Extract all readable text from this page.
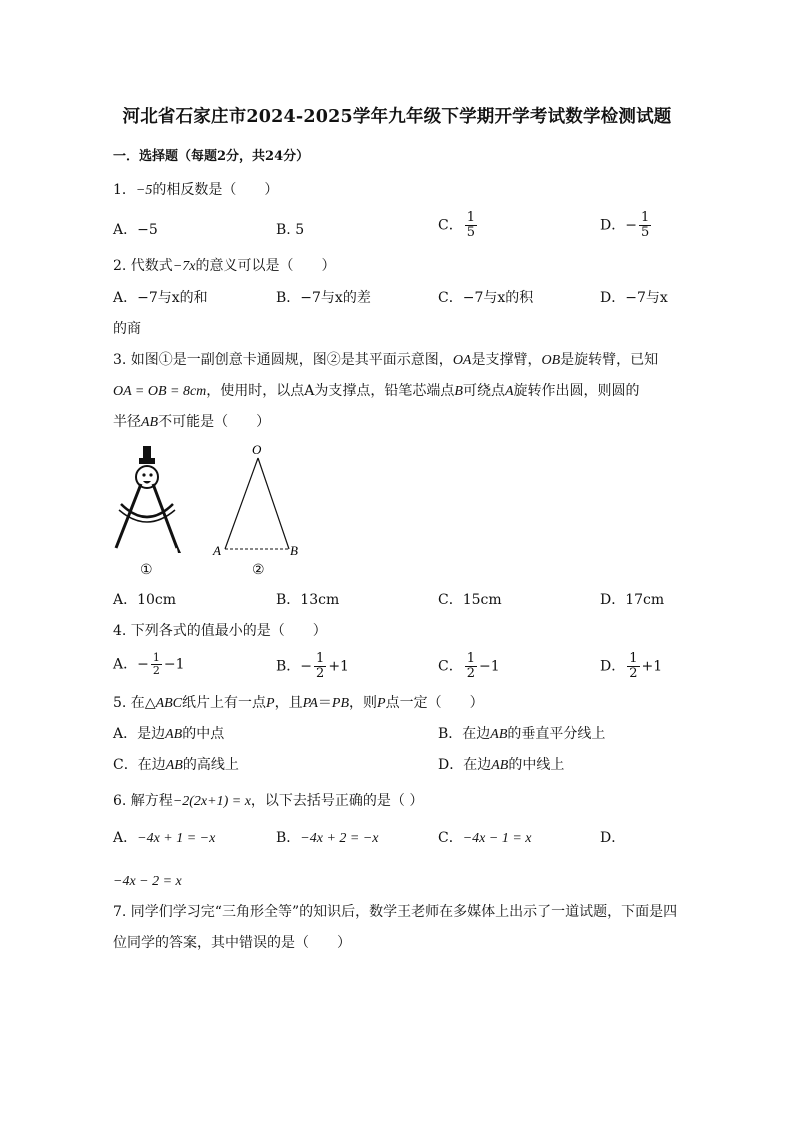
河北省石家庄市2024-2025学年九年级下学期开学考试数学检测试题
一．选择题（每题2分，共24分）
1．−5的相反数是（　　）
A．−5	B. 5	C． $\frac{1}{5}$	D．− $\frac{1}{5}$
2. 代数式−7x的意义可以是（　　）
A．−7与x的和	B．−7与x的差	C．−7与x的积	D．−7与x
的商
3. 如图①是一副创意卡通圆规，图②是其平面示意图，OA是支撑臂，OB是旋转臂，已知
OA = OB = 8cm，使用时，以点A为支撑点，铅笔芯端点B可绕点A旋转作出圆，则圆的
半径AB不可能是（　　）
①
O
A	B
②
A．10cm	B．13cm	C．15cm	D．17cm
4. 下列各式的值最小的是（　　）
A．− $\frac{1}{2} -1$	B．− $\frac{1}{2} +1$	C． $\frac{1}{2} -1$	D． $\frac{1}{2} +1$
5. 在△ABC纸片上有一点P，且PA＝PB，则P点一定（　　）
A．是边AB的中点	B．在边AB的垂直平分线上
C．在边AB的高线上	D．在边AB的中线上
6. 解方程−2(2x+1) = x，以下去括号正确的是（ ）
A．−4x + 1 = −x	B．−4x + 2 = −x	C．−4x − 1 = x	D．
−4x − 2 = x
7. 同学们学习完“三角形全等”的知识后，数学王老师在多媒体上出示了一道试题，下面是四
位同学的答案，其中错误的是（　　）
